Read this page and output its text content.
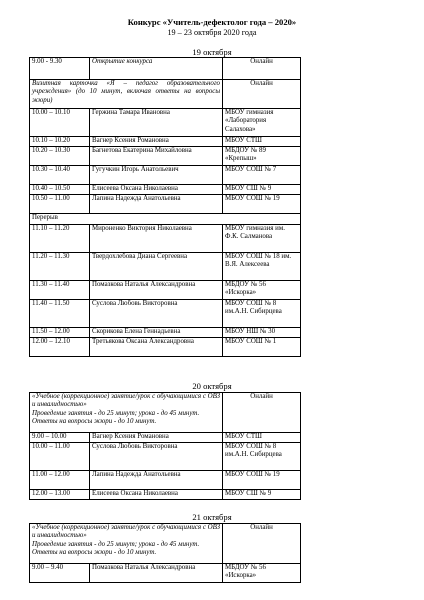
Конкурс «Учитель-дефектолог года – 2020»
19 – 23 октября 2020 года
19 октября
9.00 - 9.30	Открытие конкурса	Онлайн
Визитная карточка «Я – педагог образовательного учреждения» (до 10 минут, включая ответы на вопросы жюри)		Онлайн
10.00 – 10.10	Гержина Тамара Ивановна	МБОУ гимназия «Лаборатория Салахова»
10.10 – 10.20	Вагнер Ксения Романовна	МБОУ СТШ
10.20 – 10.30	Багнетова Екатерина Михайловна	МБДОУ № 89 «Крепыш»
10.30 – 10.40	Гугучкин Игорь Анатольевич	МБОУ СОШ № 7
10.40 – 10.50	Елисеева Оксана Николаевна	МБОУ СШ № 9
10.50 – 11.00	Лапина Надежда Анатольевна	МБОУ СОШ № 19
Перерыв		
11.10 – 11.20	Мироненко Виктория Николаевна	МБОУ гимназия им. Ф.К. Салманова
11.20 – 11.30	Твердохлебова Диана Сергеевна	МБОУ СОШ № 18 им. В.Я. Алексеева
11.30 – 11.40	Помазкова Наталья Александровна	МБДОУ № 56 «Искорка»
11.40 – 11.50	Суслова Любовь Викторовна	МБОУ СОШ № 8 им.А.Н. Сибирцева
11.50 – 12.00	Скорикова Елена Геннадьевна	МБОУ НШ № 30
12.00 – 12.10	Третьякова Оксана Александровна	МБОУ СОШ № 1
20 октября
«Учебное (коррекционное) занятие/урок с обучающимися с ОВЗ и инвалидностью»
Проведение занятия - до 25 минут; урока - до 45 минут. Ответы на вопросы жюри - до 10 минут.		Онлайн
9.00 – 10.00	Вагнер Ксения Романовна	МБОУ СТШ
10.00 – 11.00	Суслова Любовь Викторовна	МБОУ СОШ № 8 им.А.Н. Сибирцева
11.00 – 12.00	Лапина Надежда Анатольевна	МБОУ СОШ № 19
12.00 – 13.00	Елисеева Оксана Николаевна	МБОУ СШ № 9
21 октября
«Учебное (коррекционное) занятие/урок с обучающимися с ОВЗ и инвалидностью»
Проведение занятия - до 25 минут; урока - до 45 минут. Ответы на вопросы жюри - до 10 минут.		Онлайн
9.00 – 9.40	Помазкова Наталья Александровна	МБДОУ № 56 «Искорка»
